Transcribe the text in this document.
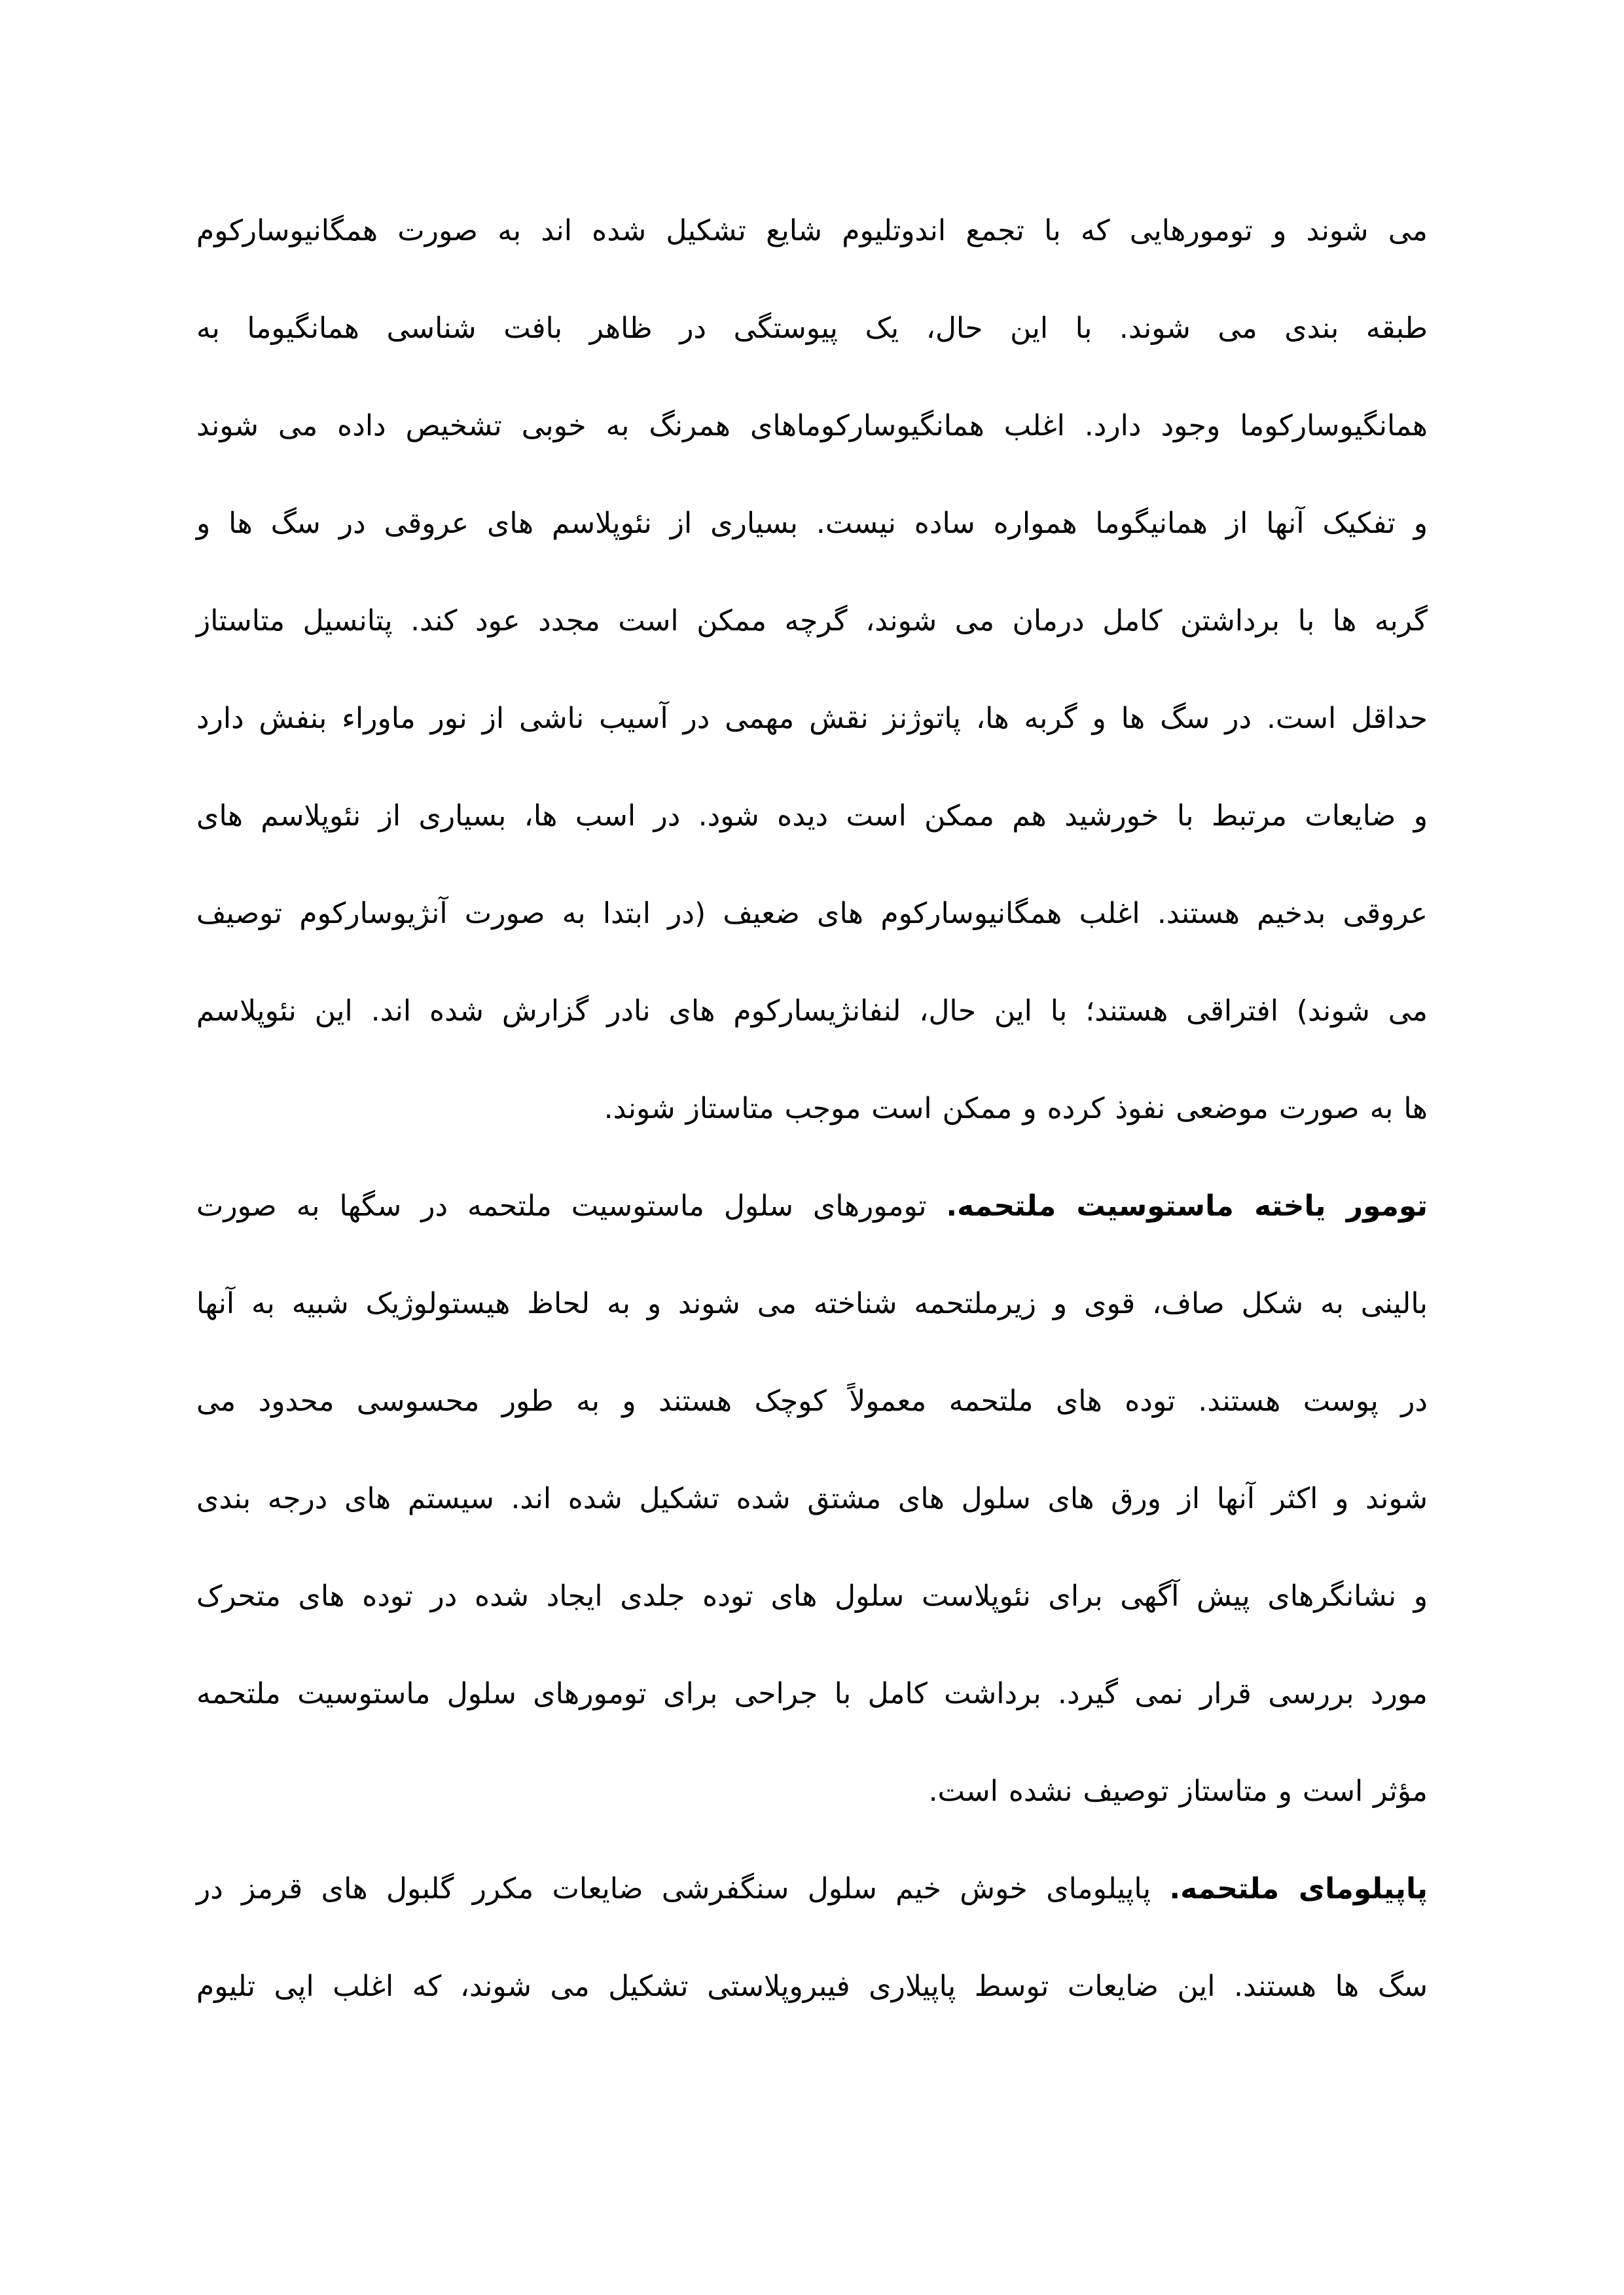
می شوند و تومورهایی که با تجمع اندوتلیوم شایع تشکیل شده اند به صورت همگانیوسارکوم
طبقه بندی می شوند. با این حال، یک پیوستگی در ظاهر بافت شناسی همانگیوما به
همانگیوسارکوما وجود دارد. اغلب همانگیوسارکوماهای همرنگ به خوبی تشخیص داده می شوند
و تفکیک آنها از همانیگوما همواره ساده نیست. بسیاری از نئوپلاسم های عروقی در سگ ها و
گربه ها با برداشتن کامل درمان می شوند، گرچه ممکن است مجدد عود کند. پتانسیل متاستاز
حداقل است. در سگ ها و گربه ها، پاتوژنز نقش مهمی در آسیب ناشی از نور ماوراء بنفش دارد
و ضایعات مرتبط با خورشید هم ممکن است دیده شود. در اسب ها، بسیاری از نئوپلاسم های
عروقی بدخیم هستند. اغلب همگانیوسارکوم های ضعیف (در ابتدا به صورت آنژیوسارکوم توصیف
می شوند) افتراقی هستند؛ با این حال، لنفانژیسارکوم های نادر گزارش شده اند. این نئوپلاسم
ها به صورت موضعی نفوذ کرده و ممکن است موجب متاستاز شوند.
تومور یاخته ماستوسیت ملتحمه. تومورهای سلول ماستوسیت ملتحمه در سگها به صورت
بالینی به شکل صاف، قوی و زیرملتحمه شناخته می شوند و به لحاظ هیستولوژیک شبیه به آنها
در پوست هستند. توده های ملتحمه معمولاً کوچک هستند و به طور محسوسی محدود می
شوند و اکثر آنها از ورق های سلول های مشتق شده تشکیل شده اند. سیستم های درجه بندی
و نشانگرهای پیش آگهی برای نئوپلاست سلول های توده جلدی ایجاد شده در توده های متحرک
مورد بررسی قرار نمی گیرد. برداشت کامل با جراحی برای تومورهای سلول ماستوسیت ملتحمه
مؤثر است و متاستاز توصیف نشده است.
پاپیلومای ملتحمه. پاپیلومای خوش خیم سلول سنگفرشی ضایعات مکرر گلبول های قرمز در
سگ ها هستند. این ضایعات توسط پاپیلاری فیبروپلاستی تشکیل می شوند، که اغلب اپی تلیوم
